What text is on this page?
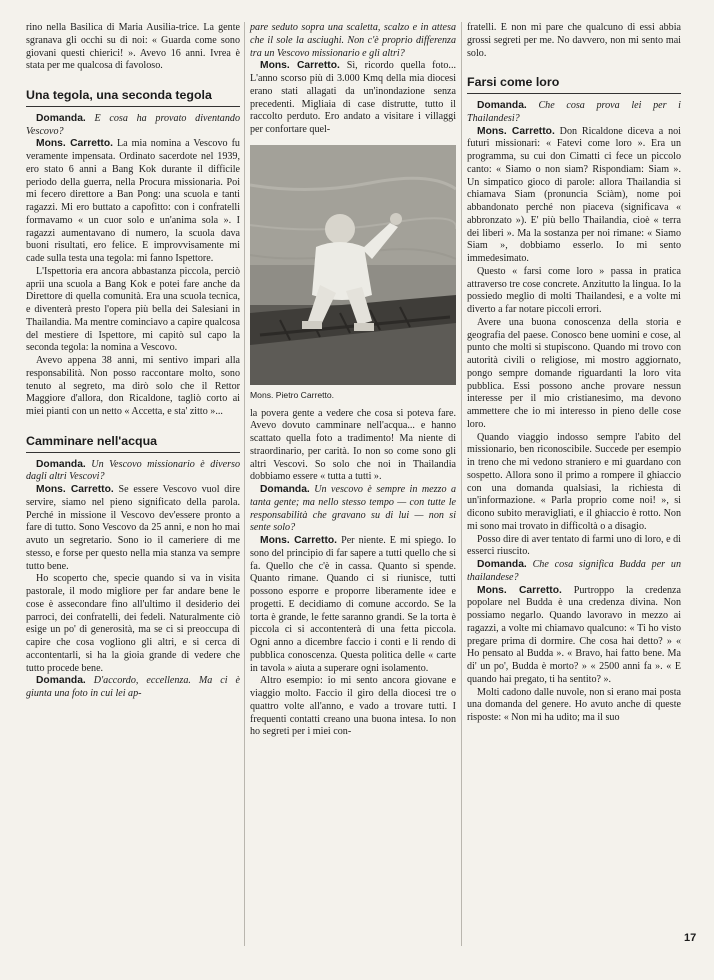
rino nella Basilica di Maria Ausilia-trice. La gente sgranava gli occhi su di noi: « Guarda come sono giovani questi chierici! ». Avevo 16 anni. Ivrea è stata per me qualcosa di favoloso.

Una tegola, una seconda tegola

Domanda. E cosa ha provato diventando Vescovo?

Mons. Carretto. La mia nomina a Vescovo fu veramente impensata. Ordinato sacerdote nel 1939, ero stato 6 anni a Bang Kok durante il difficile periodo della guerra, nella Procura missionaria. Poi mi fecero direttore a Ban Pong: una scuola e tanti ragazzi. Mi ero buttato a capofitto: con i confratelli formavamo « un cuor solo e un'anima sola ». I ragazzi aumentavano di numero, la scuola dava buoni risultati, ero felice. E improvvisamente mi cade sulla testa una tegola: mi fanno Ispettore.

L'Ispettoria era ancora abbastanza piccola, perciò aprii una scuola a Bang Kok e potei fare anche da Direttore di quella comunità. Era una scuola tecnica, e diventerà presto l'opera più bella dei Salesiani in Thailandia. Ma mentre cominciavo a capire qualcosa del mestiere di Ispettore, mi capitò sul capo la seconda tegola: la nomina a Vescovo.

Avevo appena 38 anni, mi sentivo impari alla responsabilità. Non posso raccontare molto, sono tenuto al segreto, ma dirò solo che il Rettor Maggiore d'allora, don Ricaldone, tagliò corto ai miei pianti con un netto « Accetta, e sta' zitto »...

Camminare nell'acqua

Domanda. Un Vescovo missionario è diverso dagli altri Vescovi?

Mons. Carretto. Se essere Vescovo vuol dire servire, siamo nel pieno significato della parola. Perché in missione il Vescovo dev'essere pronto a fare di tutto. Sono Vescovo da 25 anni, e non ho mai avuto un segretario. Sono io il cameriere di me stesso, e forse per questo nella mia stanza va sempre tutto bene.

Ho scoperto che, specie quando si va in visita pastorale, il modo migliore per far andare bene le cose è assecondare fino all'ultimo il desiderio dei parroci, dei confratelli, dei fedeli. Naturalmente ciò esige un po' di generosità, ma se ci si preoccupa di capire che cosa vogliono gli altri, e si cerca di accontentarli, si ha la gioia grande di vedere che tutto procede bene.

Domanda. D'accordo, eccellenza. Ma ci è giunta una foto in cui lei ap-

pare seduto sopra una scaletta, scalzo e in attesa che il sole la asciughi. Non c'è proprio differenza tra un Vescovo missionario e gli altri?

Mons. Carretto. Sì, ricordo quella foto... L'anno scorso più di 3.000 Kmq della mia diocesi erano stati allagati da un'inondazione senza precedenti. Migliaia di case distrutte, tutto il raccolto perduto. Ero andato a visitare i villaggi per confortare quel-

Mons. Pietro Carretto.

la povera gente a vedere che cosa si poteva fare. Avevo dovuto camminare nell'acqua... e hanno scattato quella foto a tradimento! Ma niente di straordinario, per carità. Io non so come sono gli altri Vescovi. So solo che noi in Thailandia dobbiamo essere « tutta a tutti ».

Domanda. Un vescovo è sempre in mezzo a tanta gente; ma nello stesso tempo — con tutte le responsabilità che gravano su di lui — non si sente solo?

Mons. Carretto. Per niente. E mi spiego. Io sono del principio di far sapere a tutti quello che si fa. Quello che c'è in cassa. Quanto si spende. Quanto rimane. Quando ci si riunisce, tutti possono esporre e proporre liberamente idee e progetti. E decidiamo di comune accordo. Se la torta è grande, le fette saranno grandi. Se la torta è piccola ci si accontenterà di una fetta piccola. Ogni anno a dicembre faccio i conti e li rendo di pubblica conoscenza. Questa politica delle « carte in tavola » aiuta a superare ogni isolamento.

Altro esempio: io mi sento ancora giovane e viaggio molto. Faccio il giro della diocesi tre o quattro volte all'anno, e vado a trovare tutti. I frequenti contatti creano una buona intesa. Io non ho segreti per i miei con-

fratelli. E non mi pare che qualcuno di essi abbia grossi segreti per me. No davvero, non mi sento mai solo.

Farsi come loro

Domanda. Che cosa prova lei per i Thailandesi?

Mons. Carretto. Don Ricaldone diceva a noi futuri missionari: « Fatevi come loro ». Era un programma, su cui don Cimatti ci fece un piccolo canto: « Siamo o non siam? Rispondiam: Siam ». Un simpatico gioco di parole: allora Thailandia si chiamava Siam (pronuncia Sciàm), nome poi abbandonato perché non piaceva (significava « abbronzato »). E' più bello Thailandia, cioè « terra dei liberi ». Ma la sostanza per noi rimane: « Siamo Siam », dobbiamo esserlo. Io mi sento immedesimato.

Questo « farsi come loro » passa in pratica attraverso tre cose concrete. Anzitutto la lingua. Io la possiedo meglio di molti Thailandesi, e a volte mi diverto a far notare piccoli errori.

Avere una buona conoscenza della storia e geografia del paese. Conosco bene uomini e cose, al punto che molti si stupiscono. Quando mi trovo con autorità civili o religiose, mi mostro aggiornato, pongo sempre domande riguardanti la loro vita pubblica. Essi possono anche provare nessun interesse per il mio cristianesimo, ma devono ammettere che io mi interesso in pieno delle cose loro.

Quando viaggio indosso sempre l'abito del missionario, ben riconoscibile. Succede per esempio in treno che mi vedono straniero e mi guardano con sospetto. Allora sono il primo a rompere il ghiaccio con una domanda qualsiasi, la richiesta di un'informazione. « Parla proprio come noi! », si dicono subito meravigliati, e il ghiaccio è rotto. Non mi sono mai trovato in difficoltà o a disagio.

Posso dire di aver tentato di farmi uno di loro, e di esserci riuscito.

Domanda. Che cosa significa Budda per un thailandese?

Mons. Carretto. Purtroppo la credenza popolare nel Budda è una credenza divina. Non possiamo negarlo. Quando lavoravo in mezzo ai ragazzi, a volte mi chiamavo qualcuno: « Ti ho visto pregare prima di dormire. Che cosa hai detto? » « Ho pensato al Budda ». « Bravo, hai fatto bene. Ma di' un po', Budda è morto? » « 2500 anni fa ». « E quando hai pregato, ti ha sentito? ».

Molti cadono dalle nuvole, non si erano mai posta una domanda del genere. Ho avuto anche di queste risposte: « Non mi ha udito; ma il suo

17
